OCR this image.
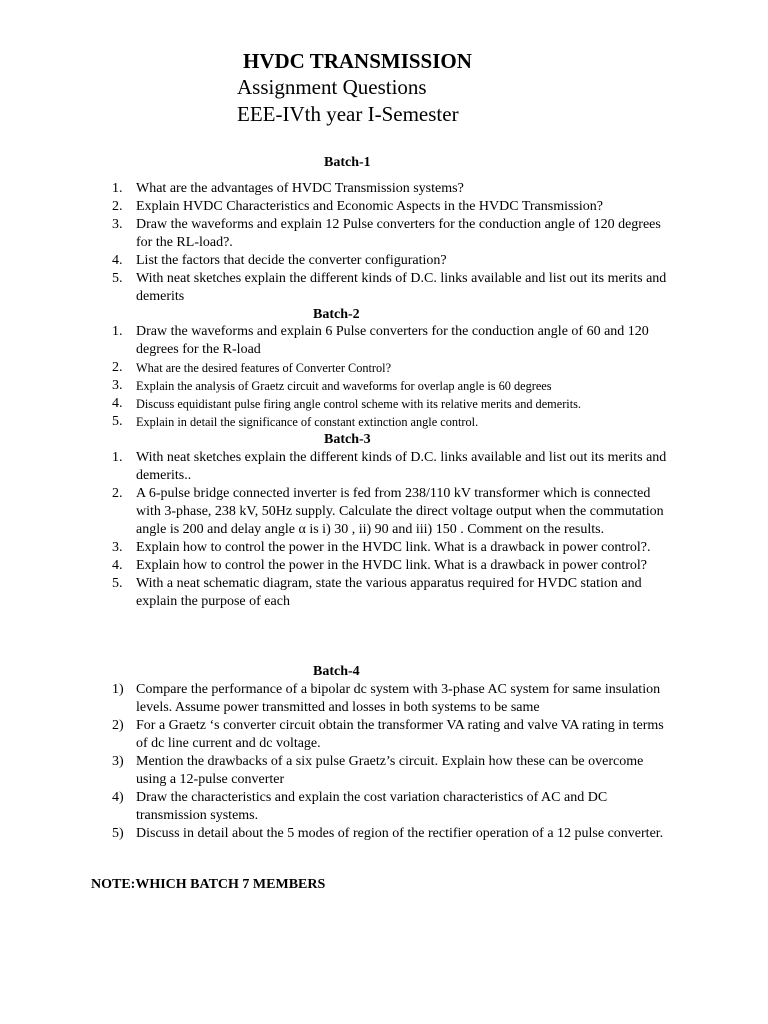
HVDC TRANSMISSION
Assignment Questions
EEE-IVth year I-Semester
Batch-1
1. What are the advantages of HVDC Transmission systems?
2. Explain HVDC Characteristics and Economic Aspects in the HVDC Transmission?
3. Draw the waveforms and explain 12 Pulse converters for the conduction angle of 120 degrees for the RL-load?.
4. List the factors that decide the converter configuration?
5. With neat sketches explain the different kinds of D.C. links available and list out its merits and demerits
Batch-2
1. Draw the waveforms and explain 6 Pulse converters for the conduction angle of 60 and 120 degrees for the R-load
2. What are the desired features of Converter Control?
3. Explain the analysis of Graetz circuit and waveforms for overlap angle is 60 degrees
4. Discuss equidistant pulse firing angle control scheme with its relative merits and demerits.
5. Explain in detail the significance of constant extinction angle control.
Batch-3
1. With neat sketches explain the different kinds of D.C. links available and list out its merits and demerits..
2. A 6-pulse bridge connected inverter is fed from 238/110 kV transformer which is connected with 3-phase, 238 kV, 50Hz supply. Calculate the direct voltage output when the commutation angle is 200 and delay angle α is i) 30 , ii) 90 and iii) 150 . Comment on the results.
3. Explain how to control the power in the HVDC link. What is a drawback in power control?.
4. Explain how to control the power in the HVDC link. What is a drawback in power control?
5. With a neat schematic diagram, state the various apparatus required for HVDC station and explain the purpose of each
Batch-4
1) Compare the performance of a bipolar dc system with 3-phase AC system for same insulation levels. Assume power transmitted and losses in both systems to be same
2) For a Graetz ‘s converter circuit obtain the transformer VA rating and valve VA rating in terms of dc line current and dc voltage.
3) Mention the drawbacks of a six pulse Graetz’s circuit. Explain how these can be overcome using a 12-pulse converter
4) Draw the characteristics and explain the cost variation characteristics of AC and DC transmission systems.
5) Discuss in detail about the 5 modes of region of the rectifier operation of a 12 pulse converter.
NOTE:WHICH BATCH 7 MEMBERS
